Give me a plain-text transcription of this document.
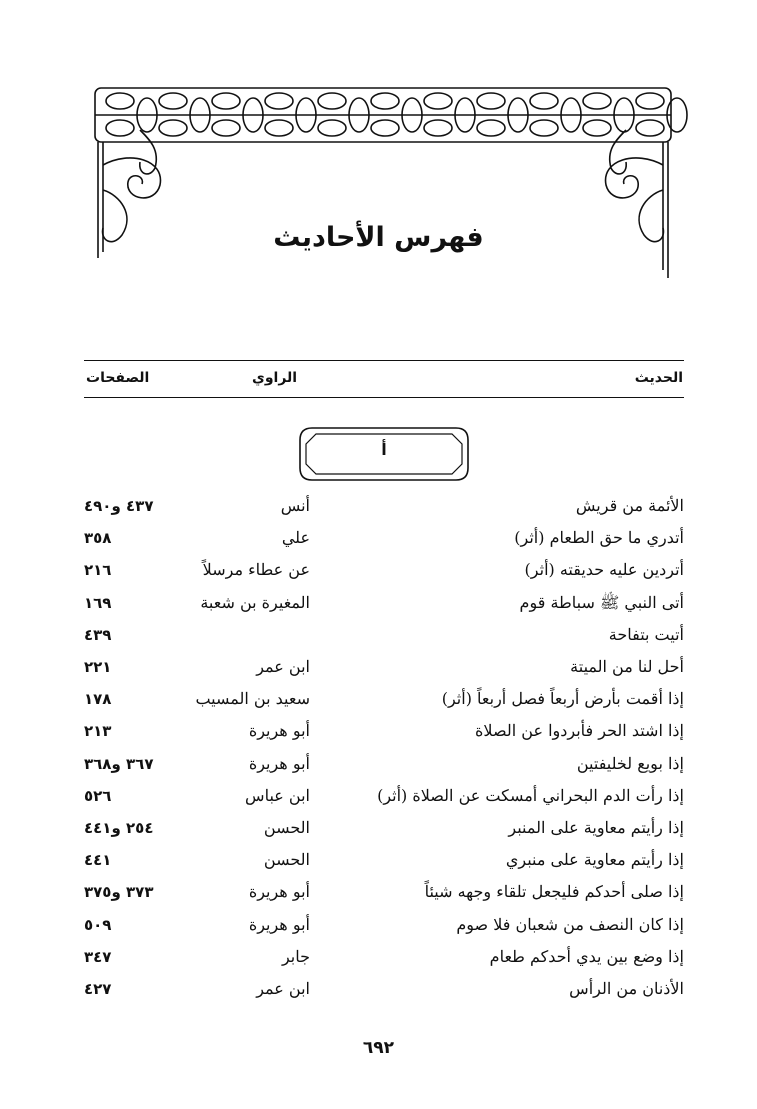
فهرس الأحاديث
الحديث
الراوي
الصفحات
أ
الأئمة من قريش
أنس
٤٣٧ و٤٩٠
أتدري ما حق الطعام (أثر)
علي
٣٥٨
أتردين عليه حديقته (أثر)
عن عطاء مرسلاً
٢١٦
أتى النبي ﷺ سباطة قوم
المغيرة بن شعبة
١٦٩
أتيت بتفاحة
٤٣٩
أحل لنا من الميتة
ابن عمر
٢٢١
إذا أقمت بأرض أربعاً فصل أربعاً (أثر)
سعيد بن المسيب
١٧٨
إذا اشتد الحر فأبردوا عن الصلاة
أبو هريرة
٢١٣
إذا بويع لخليفتين
أبو هريرة
٣٦٧ و٣٦٨
إذا رأت الدم البحراني أمسكت عن الصلاة (أثر)
ابن عباس
٥٢٦
إذا رأيتم معاوية على المنبر
الحسن
٢٥٤ و٤٤١
إذا رأيتم معاوية على منبري
الحسن
٤٤١
إذا صلى أحدكم فليجعل تلقاء وجهه شيئاً
أبو هريرة
٣٧٣ و٣٧٥
إذا كان النصف من شعبان فلا صوم
أبو هريرة
٥٠٩
إذا وضع بين يدي أحدكم طعام
جابر
٣٤٧
الأذنان من الرأس
ابن عمر
٤٢٧
٦٩٢
